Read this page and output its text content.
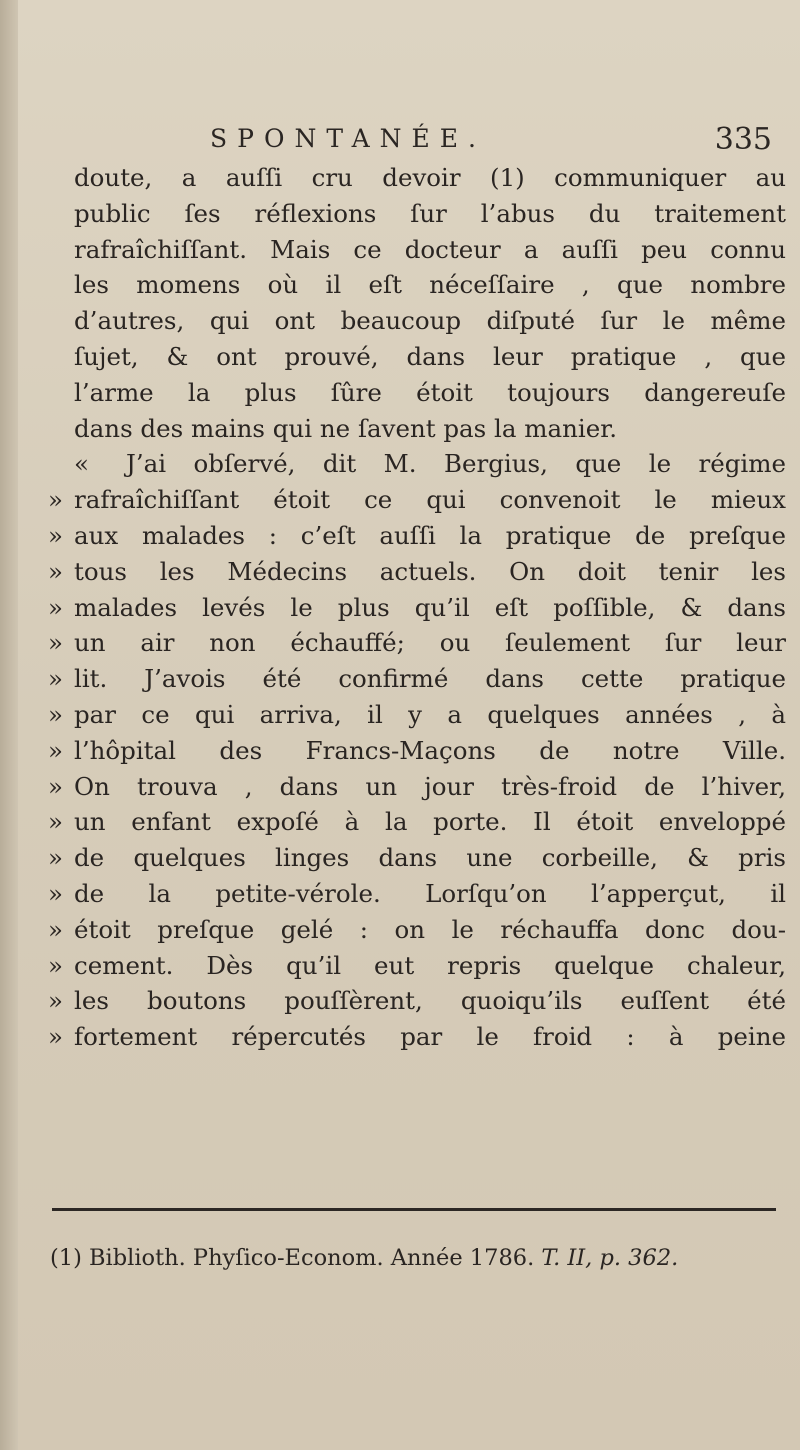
SPONTANÉE.	335
doute, a auſſi cru devoir (1) communiquer au
public ſes réflexions ſur l’abus du traitement
rafraîchiſſant. Mais ce docteur a auſſi peu connu
les momens où il eſt néceſſaire , que nombre
d’autres, qui ont beaucoup diſputé ſur le même
ſujet, & ont prouvé, dans leur pratique , que
l’arme la plus ſûre étoit toujours dangereuſe
dans des mains qui ne ſavent pas la manier.
«	J’ai obſervé, dit M. Bergius, que le régime
» rafraîchiſſant étoit ce qui convenoit le mieux
» aux malades : c’eſt auſſi la pratique de preſque
» tous les Médecins actuels. On doit tenir les
» malades levés le plus qu’il eſt poſſible, & dans
» un air non échauffé; ou ſeulement ſur leur
» lit. J’avois été confirmé dans cette pratique
» par ce qui arriva, il y a quelques années , à
» l’hôpital des Francs-Maçons de notre Ville.
» On trouva , dans un jour très-froid de l’hiver,
» un enfant expoſé à la porte. Il étoit enveloppé
» de quelques linges dans une corbeille, & pris
» de la petite-vérole. Lorſqu’on l’apperçut, il
» étoit preſque gelé : on le réchauffa donc dou-
» cement. Dès qu’il eut repris quelque chaleur,
» les boutons pouſſèrent, quoiqu’ils euſſent été
» fortement répercutés par le froid : à peine
(1) Biblioth. Phyſico-Econom. Année 1786. T. II, p. 362.
